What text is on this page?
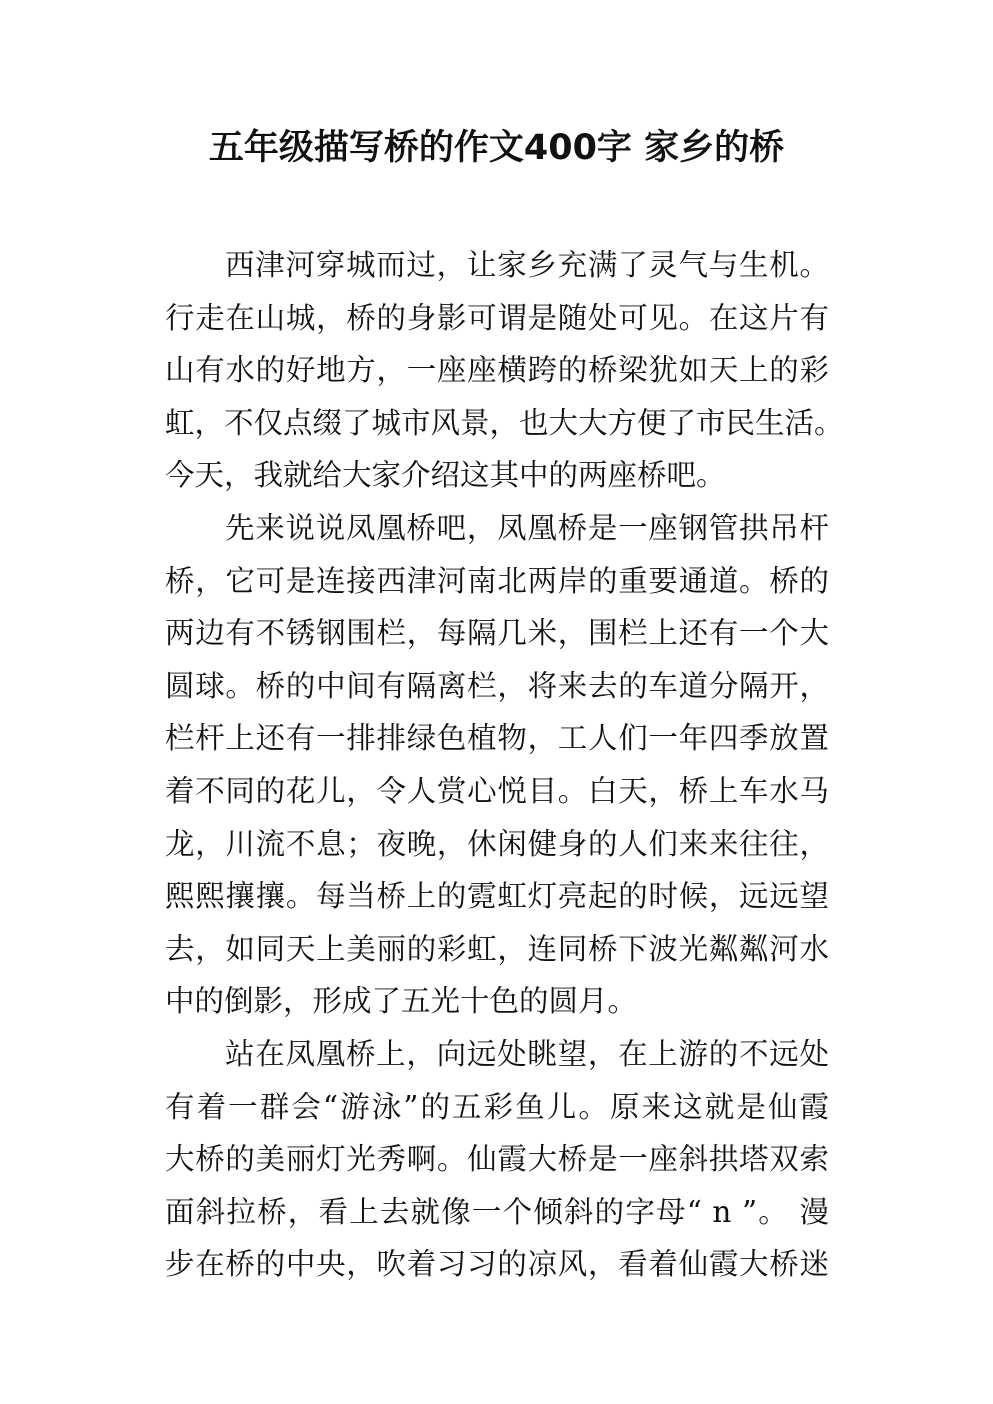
五年级描写桥的作文400字 家乡的桥
西津河穿城而过，让家乡充满了灵气与生机。
行走在山城，桥的身影可谓是随处可见。在这片有
山有水的好地方，一座座横跨的桥梁犹如天上的彩
虹，不仅点缀了城市风景，也大大方便了市民生活。
今天，我就给大家介绍这其中的两座桥吧。
先来说说凤凰桥吧，凤凰桥是一座钢管拱吊杆
桥，它可是连接西津河南北两岸的重要通道。桥的
两边有不锈钢围栏，每隔几米，围栏上还有一个大
圆球。桥的中间有隔离栏，将来去的车道分隔开，
栏杆上还有一排排绿色植物，工人们一年四季放置
着不同的花儿，令人赏心悦目。白天，桥上车水马
龙，川流不息；夜晚，休闲健身的人们来来往往，
熙熙攘攘。每当桥上的霓虹灯亮起的时候，远远望
去，如同天上美丽的彩虹，连同桥下波光粼粼河水
中的倒影，形成了五光十色的圆月。
站在凤凰桥上，向远处眺望，在上游的不远处
有着一群会“游泳”的五彩鱼儿。原来这就是仙霞
大桥的美丽灯光秀啊。仙霞大桥是一座斜拱塔双索
面斜拉桥，看上去就像一个倾斜的字母“ n ”。 漫
步在桥的中央，吹着习习的凉风，看着仙霞大桥迷
